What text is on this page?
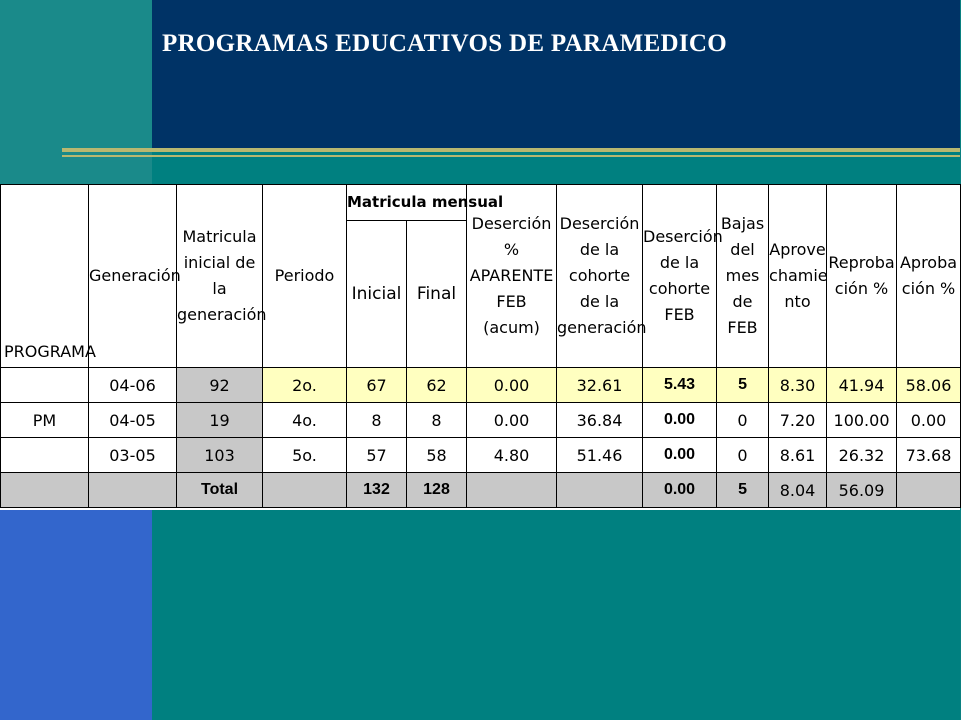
PROGRAMAS EDUCATIVOS DE PARAMEDICO
PROGRAMA	Generación	Matricula inicial de la generación	Periodo	Matricula mensual		Deserción % APARENTE FEB (acum)	Deserción de la cohorte de la generación	Deserción de la cohorte FEB	Bajas del mes de FEB	Aprove chamie nto	Reproba ción %	Aproba ción %
				Inicial	Final							
	04-06	92	2o.	67	62	0.00	32.61	5.43	5	8.30	41.94	58.06
PM	04-05	19	4o.	8	8	0.00	36.84	0.00	0	7.20	100.00	0.00
	03-05	103	5o.	57	58	4.80	51.46	0.00	0	8.61	26.32	73.68
		Total		132	128			0.00	5	8.04	56.09	
